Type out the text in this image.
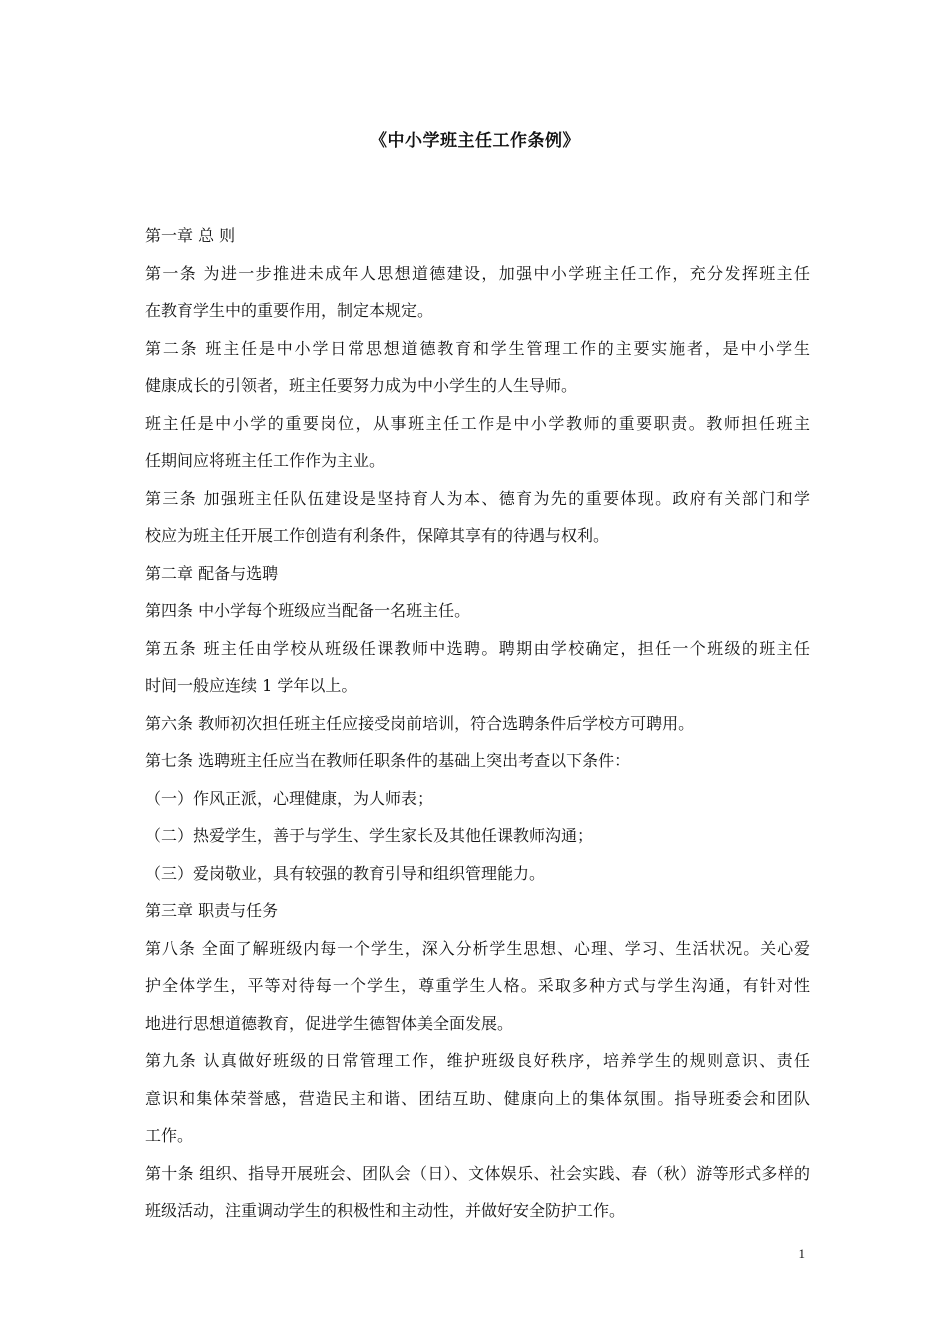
《中小学班主任工作条例》
第一章 总 则
第一条 为进一步推进未成年人思想道德建设，加强中小学班主任工作，充分发挥班主任
在教育学生中的重要作用，制定本规定。
第二条 班主任是中小学日常思想道德教育和学生管理工作的主要实施者，是中小学生
健康成长的引领者，班主任要努力成为中小学生的人生导师。
班主任是中小学的重要岗位，从事班主任工作是中小学教师的重要职责。教师担任班主
任期间应将班主任工作作为主业。
第三条 加强班主任队伍建设是坚持育人为本、德育为先的重要体现。政府有关部门和学
校应为班主任开展工作创造有利条件，保障其享有的待遇与权利。
第二章 配备与选聘
第四条 中小学每个班级应当配备一名班主任。
第五条 班主任由学校从班级任课教师中选聘。聘期由学校确定，担任一个班级的班主任
时间一般应连续 1 学年以上。
第六条 教师初次担任班主任应接受岗前培训，符合选聘条件后学校方可聘用。
第七条 选聘班主任应当在教师任职条件的基础上突出考查以下条件：
（一）作风正派，心理健康，为人师表；
（二）热爱学生，善于与学生、学生家长及其他任课教师沟通；
（三）爱岗敬业，具有较强的教育引导和组织管理能力。
第三章 职责与任务
第八条 全面了解班级内每一个学生，深入分析学生思想、心理、学习、生活状况。关心爱
护全体学生，平等对待每一个学生，尊重学生人格。采取多种方式与学生沟通，有针对性
地进行思想道德教育，促进学生德智体美全面发展。
第九条 认真做好班级的日常管理工作，维护班级良好秩序，培养学生的规则意识、责任
意识和集体荣誉感，营造民主和谐、团结互助、健康向上的集体氛围。指导班委会和团队
工作。
第十条 组织、指导开展班会、团队会（日）、文体娱乐、社会实践、春（秋）游等形式多样的
班级活动，注重调动学生的积极性和主动性，并做好安全防护工作。
1
